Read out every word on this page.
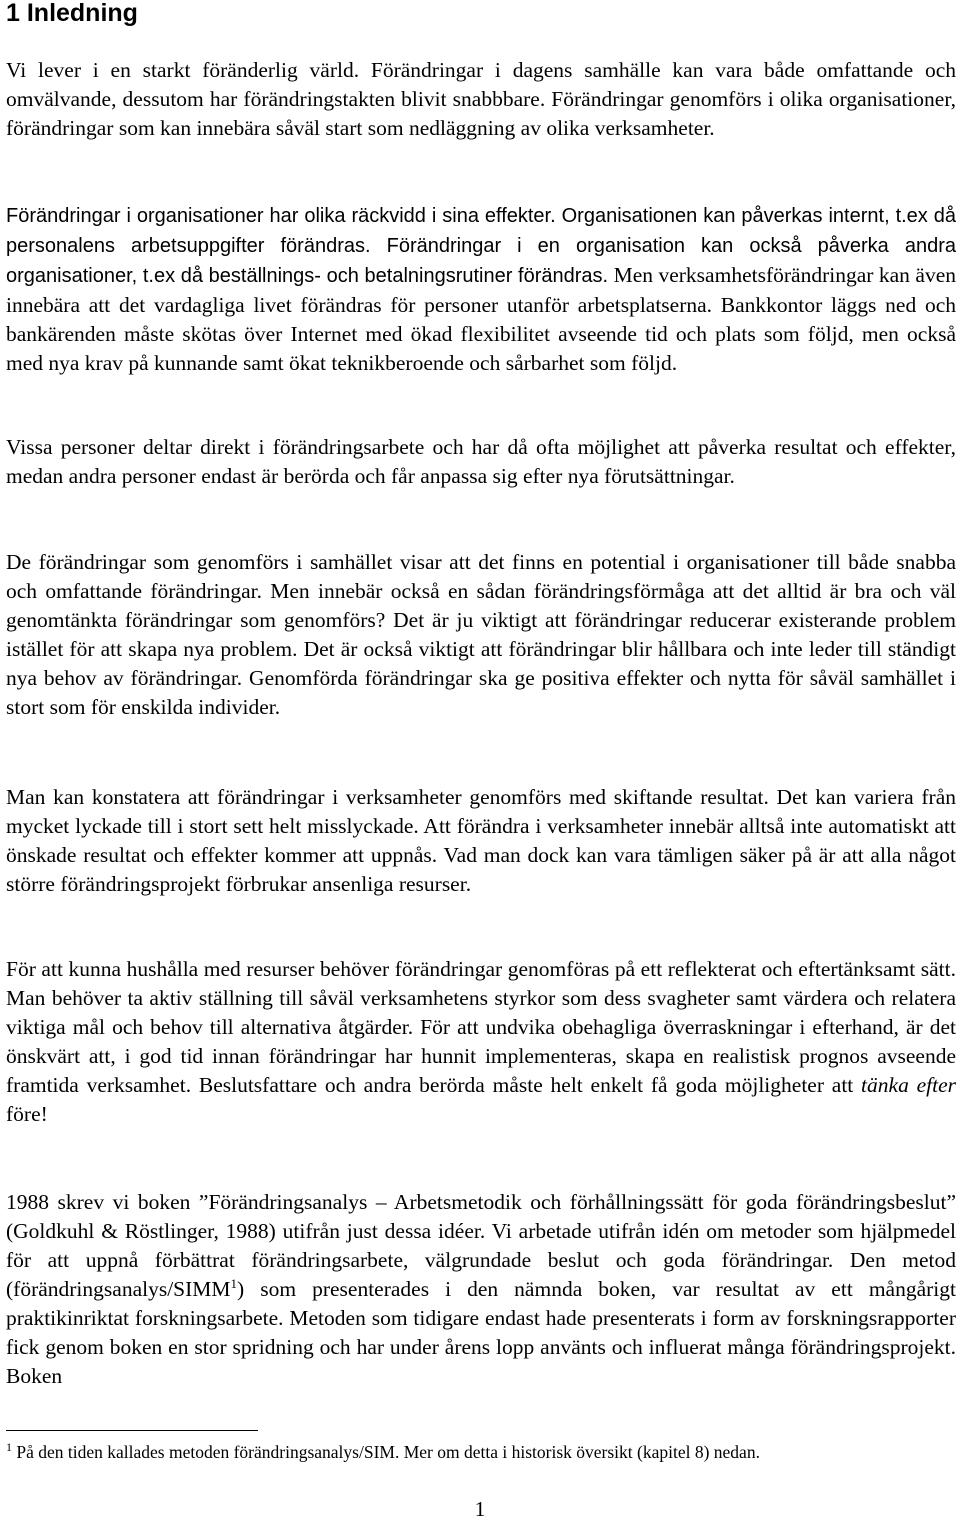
1 Inledning

Vi lever i en starkt föränderlig värld. Förändringar i dagens samhälle kan vara både omfattande och omvälvande, dessutom har förändringstakten blivit snabbbare. Förändringar genomförs i olika organisationer, förändringar som kan innebära såväl start som nedläggning av olika verksamheter.

Förändringar i organisationer har olika räckvidd i sina effekter. Organisationen kan påverkas internt, t.ex då personalens arbetsuppgifter förändras. Förändringar i en organisation kan också påverka andra organisationer, t.ex då beställnings- och betalningsrutiner förändras. Men verksamhetsförändringar kan även innebära att det vardagliga livet förändras för personer utanför arbetsplatserna. Bankkontor läggs ned och bankärenden måste skötas över Internet med ökad flexibilitet avseende tid och plats som följd, men också med nya krav på kunnande samt ökat teknikberoende och sårbarhet som följd.

Vissa personer deltar direkt i förändringsarbete och har då ofta möjlighet att påverka resultat och effekter, medan andra personer endast är berörda och får anpassa sig efter nya förutsättningar.

De förändringar som genomförs i samhället visar att det finns en potential i organisationer till både snabba och omfattande förändringar. Men innebär också en sådan förändringsförmåga att det alltid är bra och väl genomtänkta förändringar som genomförs? Det är ju viktigt att förändringar reducerar existerande problem istället för att skapa nya problem. Det är också viktigt att förändringar blir hållbara och inte leder till ständigt nya behov av förändringar. Genomförda förändringar ska ge positiva effekter och nytta för såväl samhället i stort som för enskilda individer.

Man kan konstatera att förändringar i verksamheter genomförs med skiftande resultat. Det kan variera från mycket lyckade till i stort sett helt misslyckade. Att förändra i verksamheter innebär alltså inte automatiskt att önskade resultat och effekter kommer att uppnås. Vad man dock kan vara tämligen säker på är att alla något större förändringsprojekt förbrukar ansenliga resurser.

För att kunna hushålla med resurser behöver förändringar genomföras på ett reflekterat och eftertänksamt sätt. Man behöver ta aktiv ställning till såväl verksamhetens styrkor som dess svagheter samt värdera och relatera viktiga mål och behov till alternativa åtgärder. För att undvika obehagliga överraskningar i efterhand, är det önskvärt att, i god tid innan förändringar har hunnit implementeras, skapa en realistisk prognos avseende framtida verksamhet. Beslutsfattare och andra berörda måste helt enkelt få goda möjligheter att tänka efter före!

1988 skrev vi boken ”Förändringsanalys – Arbetsmetodik och förhållningssätt för goda förändringsbeslut” (Goldkuhl & Röstlinger, 1988) utifrån just dessa idéer. Vi arbetade utifrån idén om metoder som hjälpmedel för att uppnå förbättrat förändringsarbete, välgrundade beslut och goda förändringar. Den metod (förändringsanalys/SIMM$^1$) som presenterades i den nämnda boken, var resultat av ett mångårigt praktikinriktat forskningsarbete. Metoden som tidigare endast hade presenterats i form av forskningsrapporter fick genom boken en stor spridning och har under årens lopp använts och influerat många förändringsprojekt. Boken

$^1$ På den tiden kallades metoden förändringsanalys/SIM. Mer om detta i historisk översikt (kapitel 8) nedan.

1
